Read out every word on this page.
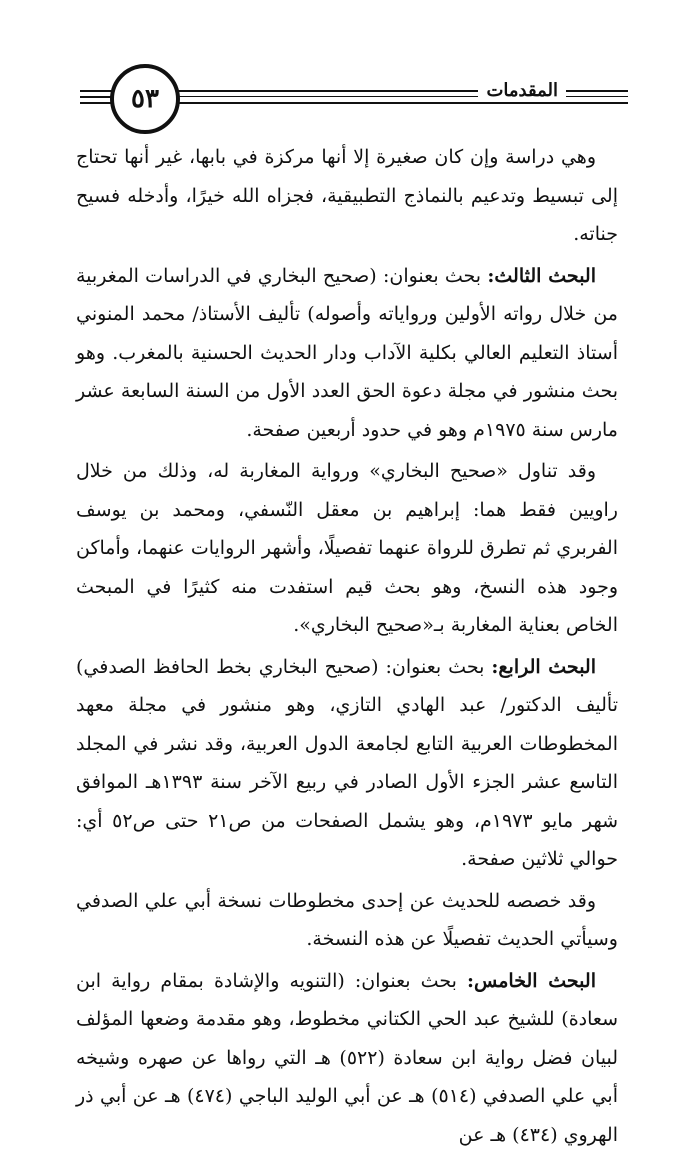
٥٣	المقدمات

وهي دراسة وإن كان صغيرة إلا أنها مركزة في بابها، غير أنها تحتاج إلى تبسيط وتدعيم بالنماذج التطبيقية، فجزاه الله خيرًا، وأدخله فسيح جناته.

البحث الثالث: بحث بعنوان: (صحيح البخاري في الدراسات المغربية من خلال رواته الأولين ورواياته وأصوله) تأليف الأستاذ/ محمد المنوني أستاذ التعليم العالي بكلية الآداب ودار الحديث الحسنية بالمغرب. وهو بحث منشور في مجلة دعوة الحق العدد الأول من السنة السابعة عشر مارس سنة ١٩٧٥م وهو في حدود أربعين صفحة.

وقد تناول «صحيح البخاري» ورواية المغاربة له، وذلك من خلال راويين فقط هما: إبراهيم بن معقل النّسفي، ومحمد بن يوسف الفربري ثم تطرق للرواة عنهما تفصيلًا، وأشهر الروايات عنهما، وأماكن وجود هذه النسخ، وهو بحث قيم استفدت منه كثيرًا في المبحث الخاص بعناية المغاربة بـ«صحيح البخاري».

البحث الرابع: بحث بعنوان: (صحيح البخاري بخط الحافظ الصدفي) تأليف الدكتور/ عبد الهادي التازي، وهو منشور في مجلة معهد المخطوطات العربية التابع لجامعة الدول العربية، وقد نشر في المجلد التاسع عشر الجزء الأول الصادر في ربيع الآخر سنة ١٣٩٣هـ الموافق شهر مايو ١٩٧٣م، وهو يشمل الصفحات من ص٢١ حتى ص٥٢ أي: حوالي ثلاثين صفحة.

وقد خصصه للحديث عن إحدى مخطوطات نسخة أبي علي الصدفي وسيأتي الحديث تفصيلًا عن هذه النسخة.

البحث الخامس: بحث بعنوان: (التنويه والإشادة بمقام رواية ابن سعادة) للشيخ عبد الحي الكتاني مخطوط، وهو مقدمة وضعها المؤلف لبيان فضل رواية ابن سعادة (٥٢٢) هـ التي رواها عن صهره وشيخه أبي علي الصدفي (٥١٤) هـ عن أبي الوليد الباجي (٤٧٤) هـ عن أبي ذر الهروي (٤٣٤) هـ عن
